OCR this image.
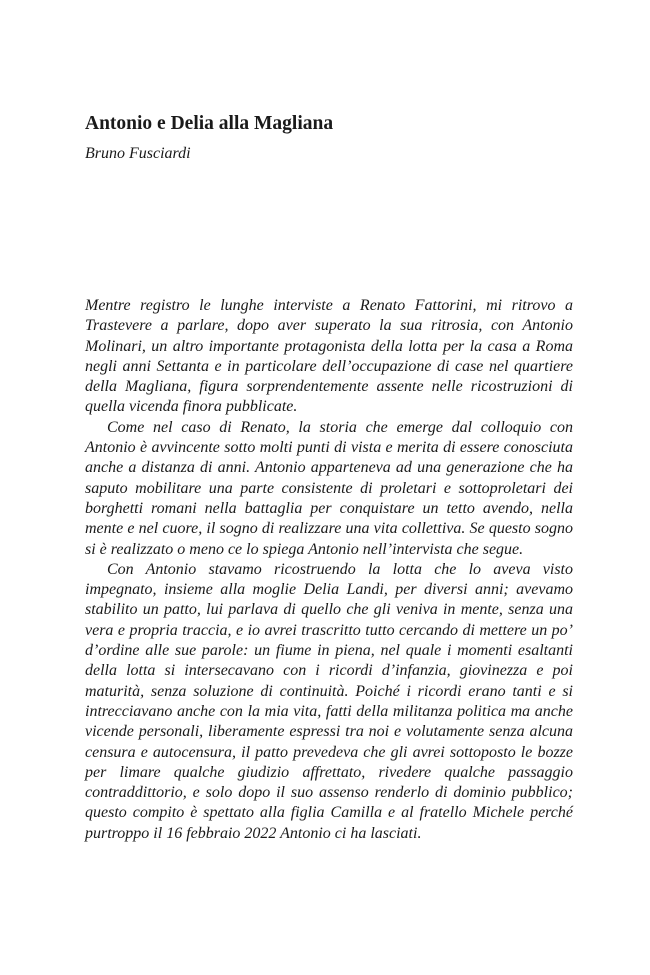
Antonio e Delia alla Magliana
Bruno Fusciardi

Mentre registro le lunghe interviste a Renato Fattorini, mi ritrovo a Trastevere a parlare, dopo aver superato la sua ritrosia, con Antonio Molinari, un altro importante protagonista della lotta per la casa a Roma negli anni Settanta e in particolare dell’occupazione di case nel quartiere della Magliana, figura sorprendentemente assente nelle ricostruzioni di quella vicenda finora pubblicate.

Come nel caso di Renato, la storia che emerge dal colloquio con Antonio è avvincente sotto molti punti di vista e merita di essere conosciuta anche a distanza di anni. Antonio apparteneva ad una generazione che ha saputo mobilitare una parte consistente di proletari e sottoproletari dei borghetti romani nella battaglia per conquistare un tetto avendo, nella mente e nel cuore, il sogno di realizzare una vita collettiva. Se questo sogno si è realizzato o meno ce lo spiega Antonio nell’intervista che segue.

Con Antonio stavamo ricostruendo la lotta che lo aveva visto impegnato, insieme alla moglie Delia Landi, per diversi anni; avevamo stabilito un patto, lui parlava di quello che gli veniva in mente, senza una vera e propria traccia, e io avrei trascritto tutto cercando di mettere un po’ d’ordine alle sue parole: un fiume in piena, nel quale i momenti esaltanti della lotta si intersecavano con i ricordi d’infanzia, giovinezza e poi maturità, senza soluzione di continuità. Poiché i ricordi erano tanti e si intrecciavano anche con la mia vita, fatti della militanza politica ma anche vicende personali, liberamente espressi tra noi e volutamente senza alcuna censura e autocensura, il patto prevedeva che gli avrei sottoposto le bozze per limare qualche giudizio affrettato, rivedere qualche passaggio contraddittorio, e solo dopo il suo assenso renderlo di dominio pubblico; questo compito è spettato alla figlia Camilla e al fratello Michele perché purtroppo il 16 febbraio 2022 Antonio ci ha lasciati.
